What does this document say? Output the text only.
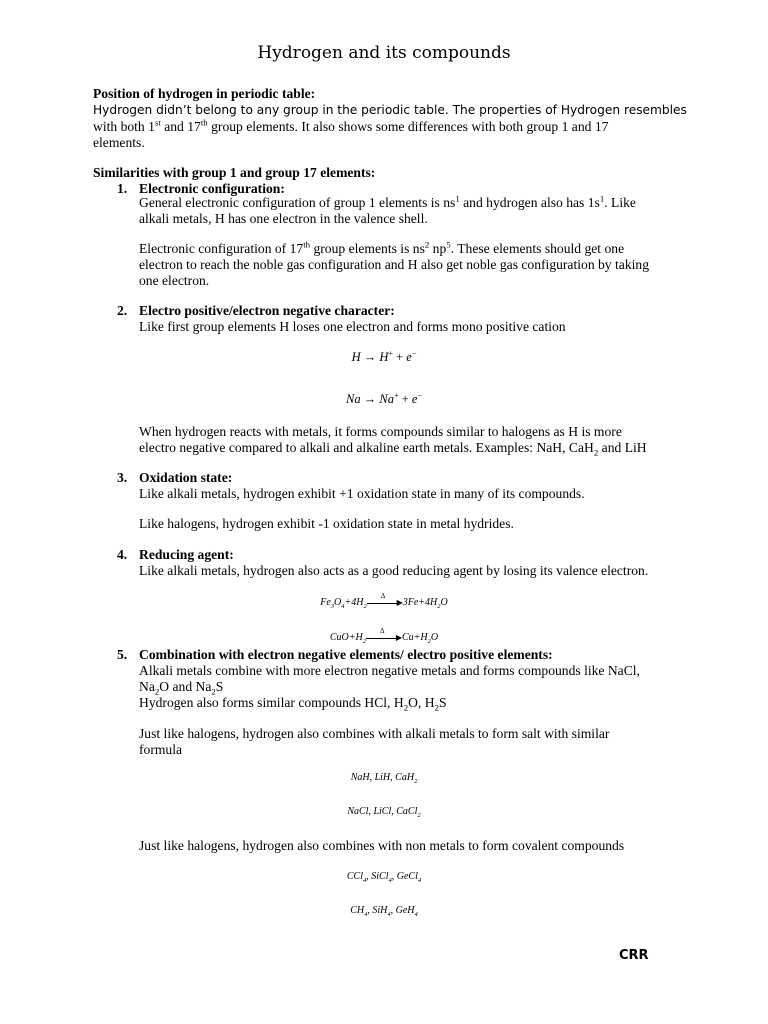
Hydrogen and its compounds
Position of hydrogen in periodic table:
Hydrogen didn’t belong to any group in the periodic table. The properties of Hydrogen resembles
with both 1st and 17th group elements. It also shows some differences with both group 1 and 17
elements.
Similarities with group 1 and group 17 elements:
1. Electronic configuration:
General electronic configuration of group 1 elements is $ns^1$ and hydrogen also has $1s^1$. Like
alkali metals, H has one electron in the valence shell.
Electronic configuration of 17th group elements is $ns^2$ $np^5$. These elements should get one
electron to reach the noble gas configuration and H also get noble gas configuration by taking
one electron.
2. Electro positive/electron negative character:
Like first group elements H loses one electron and forms mono positive cation
H → H+ + e−
Na → Na+ + e−
When hydrogen reacts with metals, it forms compounds similar to halogens as H is more
electro negative compared to alkali and alkaline earth metals. Examples: NaH, CaH$_2$ and LiH
3. Oxidation state:
Like alkali metals, hydrogen exhibit +1 oxidation state in many of its compounds.
Like halogens, hydrogen exhibit -1 oxidation state in metal hydrides.
4. Reducing agent:
Like alkali metals, hydrogen also acts as a good reducing agent by losing its valence electron.
$Fe_3O_4+4H_2$
Δ
▶ $3Fe+4H_2O$
$CuO+H_2$
Δ
▶ $Cu+H_2O$
5. Combination with electron negative elements/ electro positive elements:
Alkali metals combine with more electron negative metals and forms compounds like NaCl,
$Na_2O$ and $Na_2S$
Hydrogen also forms similar compounds HCl, $H_2O$, $H_2S$
Just like halogens, hydrogen also combines with alkali metals to form salt with similar
formula
NaH, LiH, CaH$_2$
NaCl, LiCl, CaCl$_2$
Just like halogens, hydrogen also combines with non metals to form covalent compounds
CCl$_4$, SiCl$_4$, GeCl$_4$
$CH_4$, SiH$_4$, GeH$_4$
CRR
